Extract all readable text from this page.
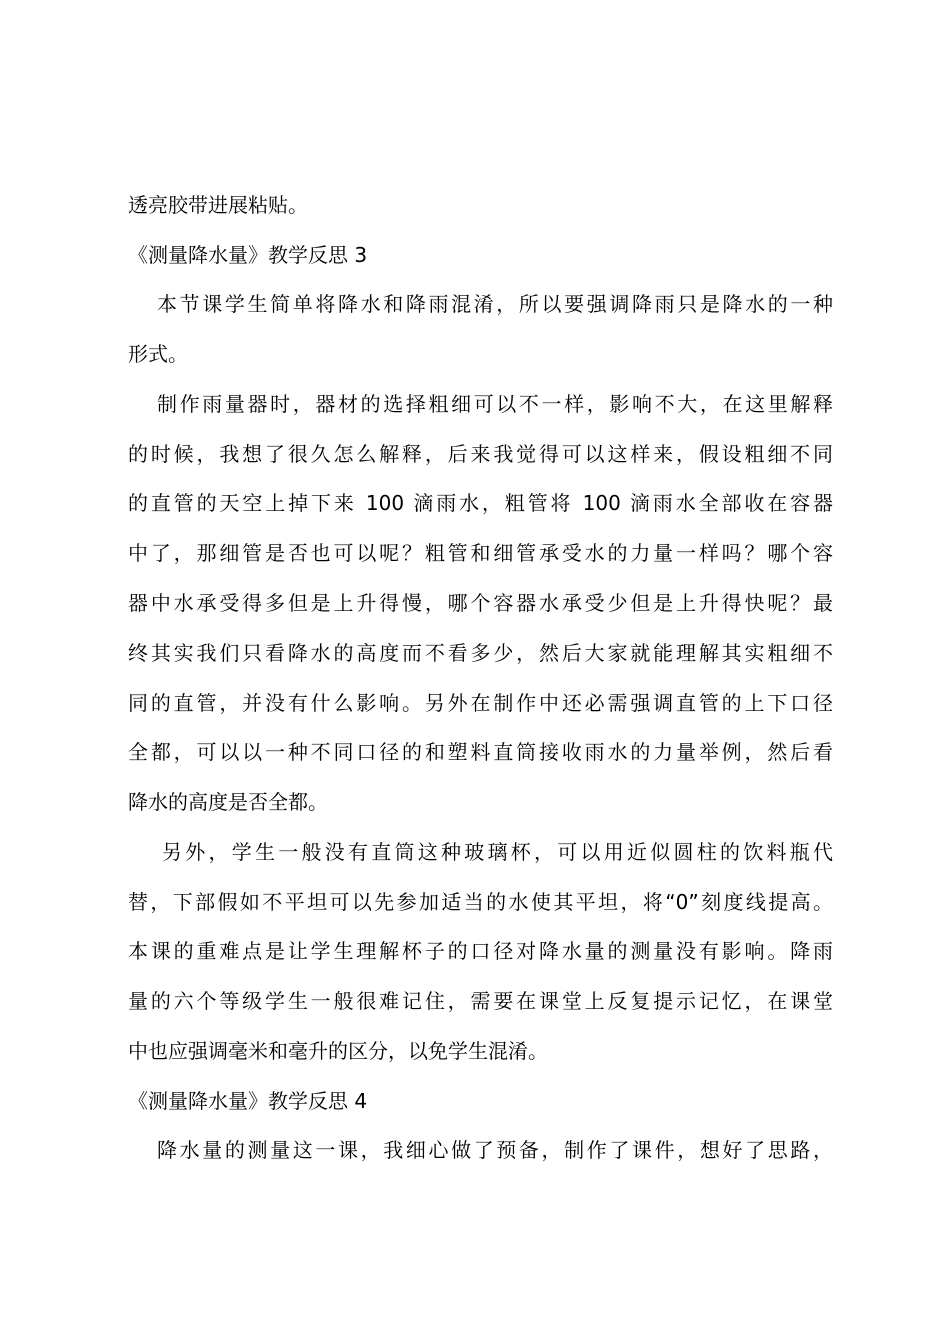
透亮胶带进展粘贴。
《测量降水量》教学反思 3
本节课学生简单将降水和降雨混淆，所以要强调降雨只是降水的一种
形式。
制作雨量器时，器材的选择粗细可以不一样，影响不大，在这里解释
的时候，我想了很久怎么解释，后来我觉得可以这样来，假设粗细不同
的直管的天空上掉下来 100 滴雨水，粗管将 100 滴雨水全部收在容器
中了，那细管是否也可以呢？粗管和细管承受水的力量一样吗？哪个容
器中水承受得多但是上升得慢，哪个容器水承受少但是上升得快呢？最
终其实我们只看降水的高度而不看多少，然后大家就能理解其实粗细不
同的直管，并没有什么影响。另外在制作中还必需强调直管的上下口径
全都，可以以一种不同口径的和塑料直筒接收雨水的力量举例，然后看
降水的高度是否全都。
另外，学生一般没有直筒这种玻璃杯，可以用近似圆柱的饮料瓶代
替，下部假如不平坦可以先参加适当的水使其平坦，将“0”刻度线提高。
本课的重难点是让学生理解杯子的口径对降水量的测量没有影响。降雨
量的六个等级学生一般很难记住，需要在课堂上反复提示记忆，在课堂
中也应强调毫米和毫升的区分，以免学生混淆。
《测量降水量》教学反思 4
降水量的测量这一课，我细心做了预备，制作了课件，想好了思路，
